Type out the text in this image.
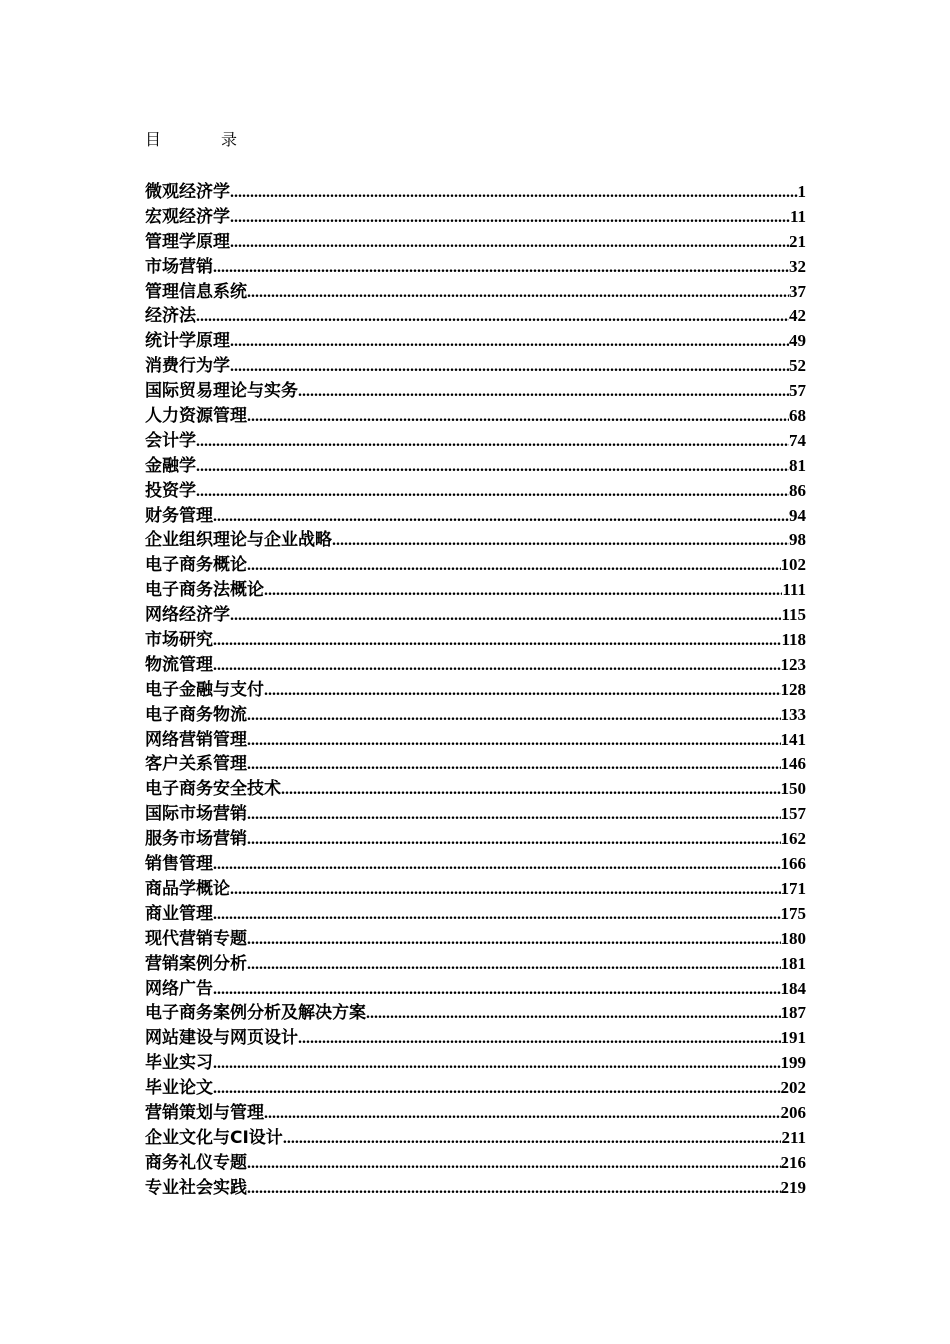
目　录
微观经济学 .....	1
宏观经济学 .....	11
管理学原理 .....	21
市场营销 .....	32
管理信息系统 .....	37
经济法 .....	42
统计学原理 .....	49
消费行为学 .....	52
国际贸易理论与实务 .....	57
人力资源管理 .....	68
会计学 .....	74
金融学 .....	81
投资学 .....	86
财务管理 .....	94
企业组织理论与企业战略 .....	98
电子商务概论 .....	102
电子商务法概论 .....	111
网络经济学 .....	115
市场研究 .....	118
物流管理 .....	123
电子金融与支付 .....	128
电子商务物流 .....	133
网络营销管理 .....	141
客户关系管理 .....	146
电子商务安全技术 .....	150
国际市场营销 .....	157
服务市场营销 .....	162
销售管理 .....	166
商品学概论 .....	171
商业管理 .....	175
现代营销专题 .....	180
营销案例分析 .....	181
网络广告 .....	184
电子商务案例分析及解决方案 .....	187
网站建设与网页设计 .....	191
毕业实习 .....	199
毕业论文 .....	202
营销策划与管理 .....	206
企业文化与CI设计 .....	211
商务礼仪专题 .....	216
专业社会实践 .....	219
